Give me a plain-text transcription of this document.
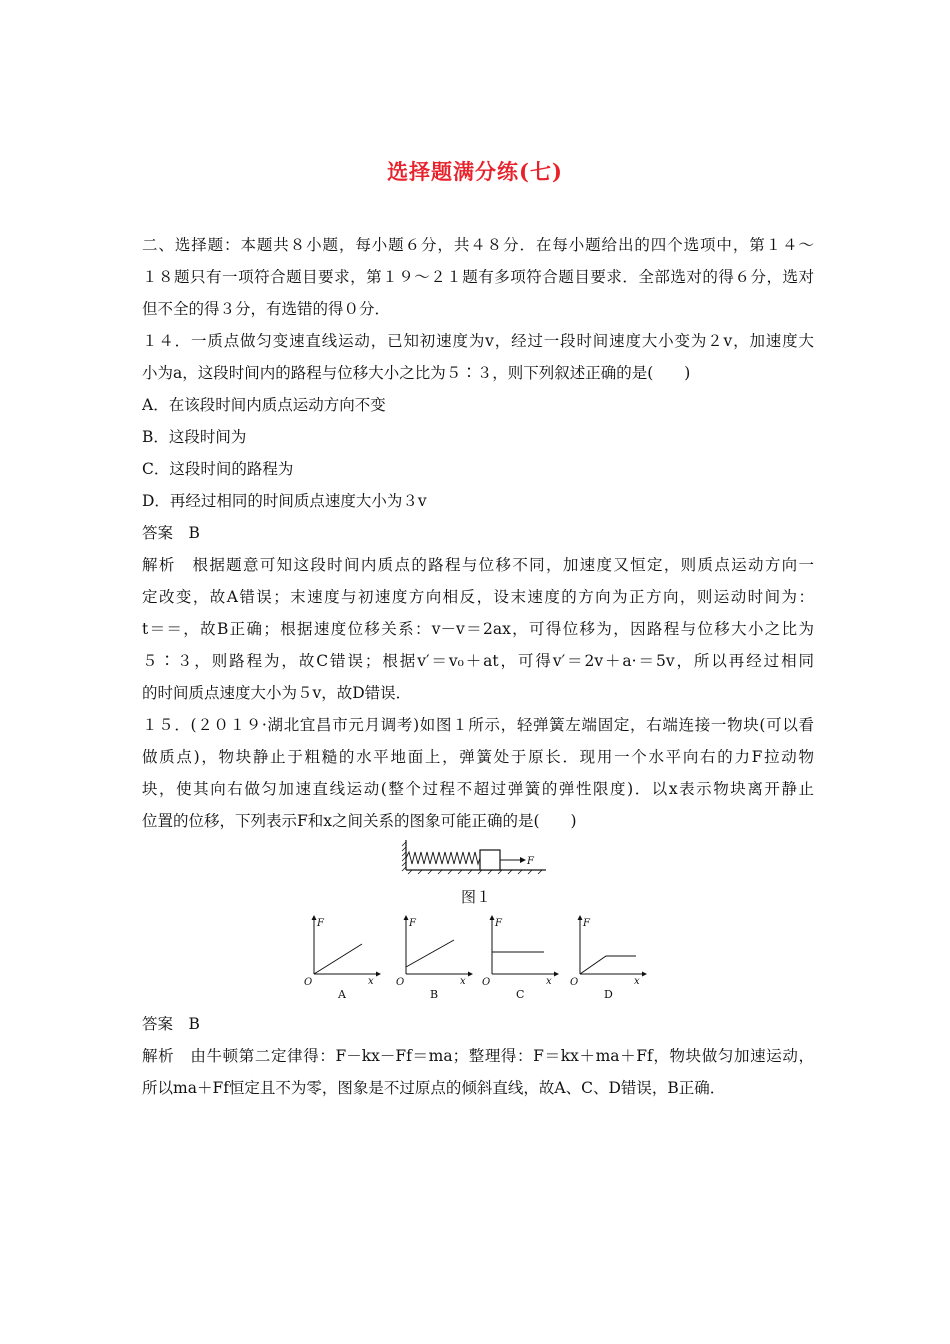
选择题满分练(七)
二、选择题：本题共８小题，每小题６分，共４８分．在每小题给出的四个选项中，第１４～
１８题只有一项符合题目要求，第１９～２１题有多项符合题目要求．全部选对的得６分，选对
但不全的得３分，有选错的得０分．
１４．一质点做匀变速直线运动，已知初速度为v，经过一段时间速度大小变为２v，加速度大
小为a，这段时间内的路程与位移大小之比为５∶３，则下列叙述正确的是(　　)
A．在该段时间内质点运动方向不变
B．这段时间为
C．这段时间的路程为
D．再经过相同的时间质点速度大小为３v
答案　B
解析　根据题意可知这段时间内质点的路程与位移不同，加速度又恒定，则质点运动方向一
定改变，故A错误；末速度与初速度方向相反，设末速度的方向为正方向，则运动时间为：
t＝＝，故B正确；根据速度位移关系：v－v＝2ax，可得位移为，因路程与位移大小之比为
５∶３，则路程为，故C错误；根据v′＝v₀＋at，可得v′＝2v＋a·＝5v，所以再经过相同
的时间质点速度大小为５v，故D错误．
１５．(２０１９·湖北宜昌市元月调考)如图１所示，轻弹簧左端固定，右端连接一物块(可以看
做质点)，物块静止于粗糙的水平地面上，弹簧处于原长．现用一个水平向右的力F拉动物
块，使其向右做匀加速直线运动(整个过程不超过弹簧的弹性限度)．以x表示物块离开静止
位置的位移，下列表示F和x之间关系的图象可能正确的是(　　)
答案　B
解析　由牛顿第二定律得：F－kx－Ff＝ma；整理得：F＝kx＋ma＋Ff，物块做匀加速运动，
所以ma＋Ff恒定且不为零，图象是不过原点的倾斜直线，故A、C、D错误，B正确．
F
图１
F
x
O
A
F
x
O
B
F
x
O
C
F
x
O
D
